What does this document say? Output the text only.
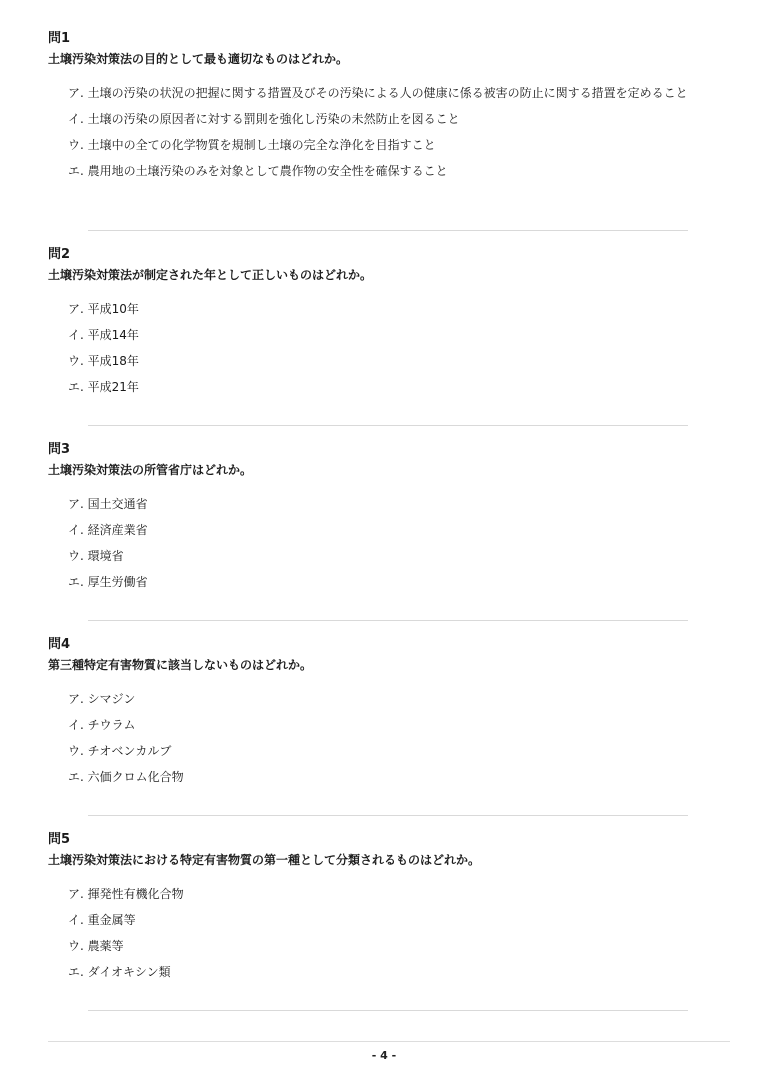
問1
土壌汚染対策法の目的として最も適切なものはどれか。
ア. 土壌の汚染の状況の把握に関する措置及びその汚染による人の健康に係る被害の防止に関する措置を定めること
イ. 土壌の汚染の原因者に対する罰則を強化し汚染の未然防止を図ること
ウ. 土壌中の全ての化学物質を規制し土壌の完全な浄化を目指すこと
エ. 農用地の土壌汚染のみを対象として農作物の安全性を確保すること
問2
土壌汚染対策法が制定された年として正しいものはどれか。
ア. 平成10年
イ. 平成14年
ウ. 平成18年
エ. 平成21年
問3
土壌汚染対策法の所管省庁はどれか。
ア. 国土交通省
イ. 経済産業省
ウ. 環境省
エ. 厚生労働省
問4
第三種特定有害物質に該当しないものはどれか。
ア. シマジン
イ. チウラム
ウ. チオベンカルブ
エ. 六価クロム化合物
問5
土壌汚染対策法における特定有害物質の第一種として分類されるものはどれか。
ア. 揮発性有機化合物
イ. 重金属等
ウ. 農薬等
エ. ダイオキシン類
- 4 -
